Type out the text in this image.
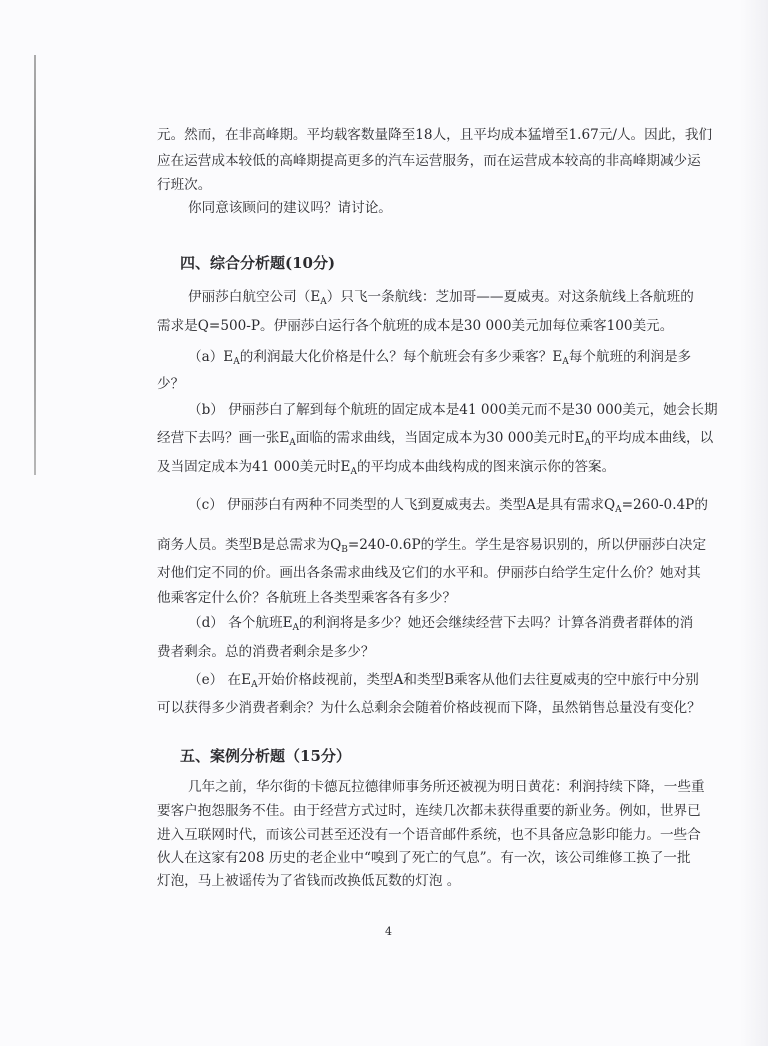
元。然而，在非高峰期。平均载客数量降至18人，且平均成本猛增至1.67元/人。因此，我们
应在运营成本较低的高峰期提高更多的汽车运营服务，而在运营成本较高的非高峰期减少运
行班次。
你同意该顾问的建议吗？请讨论。
四、综合分析题(10分)
伊丽莎白航空公司$(E_A)$只飞一条航线：芝加哥——夏威夷。对这条航线上各航班的
需求是Q=500-P。伊丽莎白运行各个航班的成本是30 000美元加每位乘客100美元。
$(a)E_A$的利润最大化价格是什么？每个航班会有多少乘客？$E_A$每个航班的利润是多
少？
（b） 伊丽莎白了解到每个航班的固定成本是41 000美元而不是30 000美元，她会长期
经营下去吗？画一张$E_A$面临的需求曲线，当固定成本为30 000美元时$E_A$的平均成本曲线，以
及当固定成本为41 000美元时$E_A$的平均成本曲线构成的图来演示你的答案。
（c） 伊丽莎白有两种不同类型的人飞到夏威夷去。类型A是具有需求$Q_A=260-0.4P$的
商务人员。类型B是总需求为$Q_B=240-0.6P$的学生。学生是容易识别的，所以伊丽莎白决定
对他们定不同的价。画出各条需求曲线及它们的水平和。伊丽莎白给学生定什么价？她对其
他乘客定什么价？各航班上各类型乘客各有多少？
（d） 各个航班$E_A$的利润将是多少？她还会继续经营下去吗？计算各消费者群体的消
费者剩余。总的消费者剩余是多少？
（e） 在$E_A$开始价格歧视前，类型A和类型B乘客从他们去往夏威夷的空中旅行中分别
可以获得多少消费者剩余？为什么总剩余会随着价格歧视而下降，虽然销售总量没有变化？
五、案例分析题（15分）
几年之前，华尔街的卡德瓦拉德律师事务所还被视为明日黄花：利润持续下降，一些重
要客户抱怨服务不佳。由于经营方式过时，连续几次都未获得重要的新业务。例如，世界已
进入互联网时代，而该公司甚至还没有一个语音邮件系统，也不具备应急影印能力。一些合
伙人在这家有208 历史的老企业中“嗅到了死亡的气息”。有一次，该公司维修工换了一批
灯泡，马上被谣传为了省钱而改换低瓦数的灯泡 。
4
